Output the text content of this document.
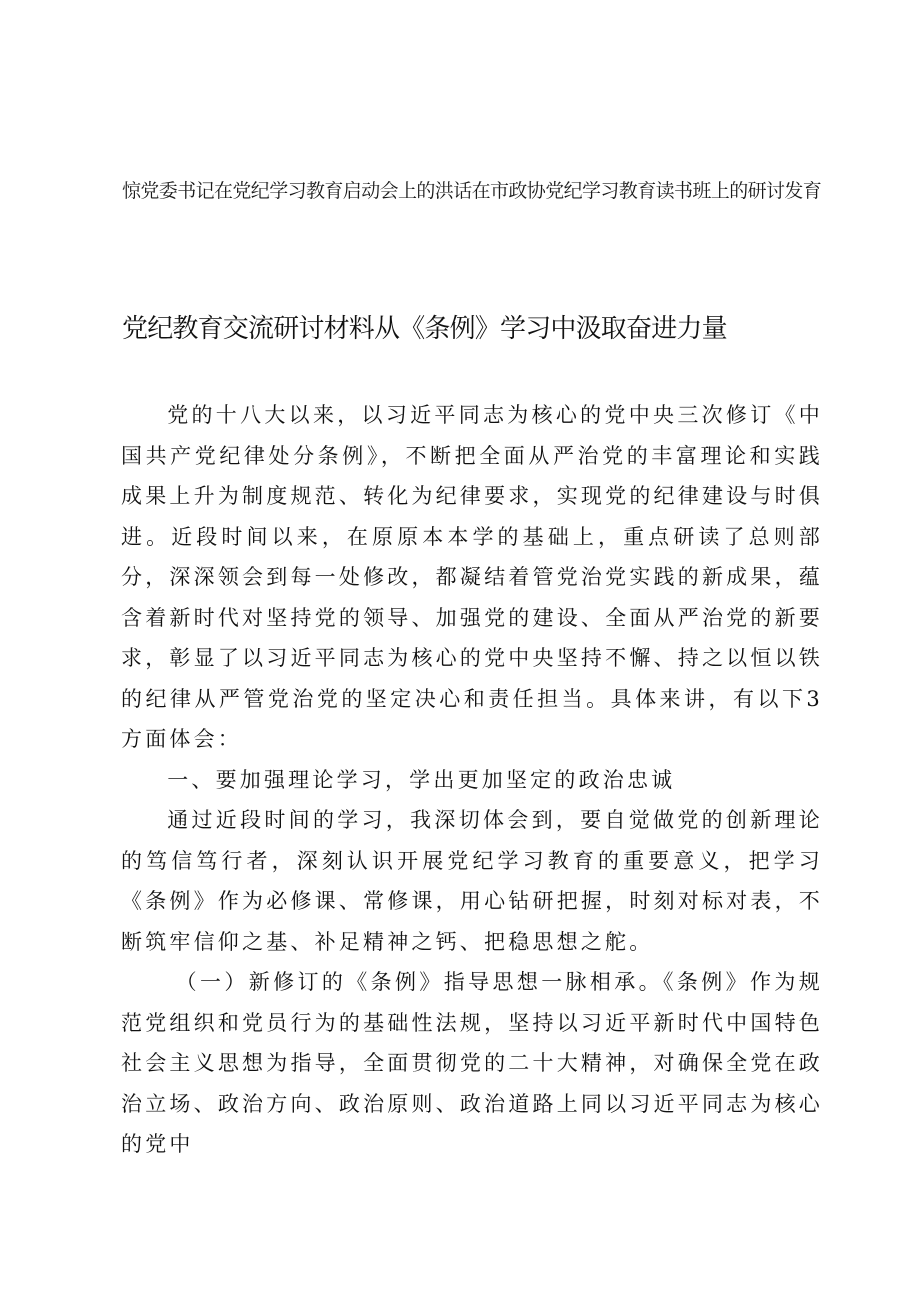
惊党委书记在党纪学习教育启动会上的洪话在市政协党纪学习教育读书班上的研讨发育
党纪教育交流研讨材料从《条例》学习中汲取奋进力量

党的十八大以来，以习近平同志为核心的党中央三次修订《中国共产党纪律处分条例》，不断把全面从严治党的丰富理论和实践成果上升为制度规范、转化为纪律要求，实现党的纪律建设与时俱进。近段时间以来，在原原本本学的基础上，重点研读了总则部分，深深领会到每一处修改，都凝结着管党治党实践的新成果，蕴含着新时代对坚持党的领导、加强党的建设、全面从严治党的新要求，彰显了以习近平同志为核心的党中央坚持不懈、持之以恒以铁的纪律从严管党治党的坚定决心和责任担当。具体来讲，有以下3方面体会：

一、要加强理论学习，学出更加坚定的政治忠诚

通过近段时间的学习，我深切体会到，要自觉做党的创新理论的笃信笃行者，深刻认识开展党纪学习教育的重要意义，把学习《条例》作为必修课、常修课，用心钻研把握，时刻对标对表，不断筑牢信仰之基、补足精神之钙、把稳思想之舵。

（一）新修订的《条例》指导思想一脉相承。《条例》作为规范党组织和党员行为的基础性法规，坚持以习近平新时代中国特色社会主义思想为指导，全面贯彻党的二十大精神，对确保全党在政治立场、政治方向、政治原则、政治道路上同以习近平同志为核心的党中
